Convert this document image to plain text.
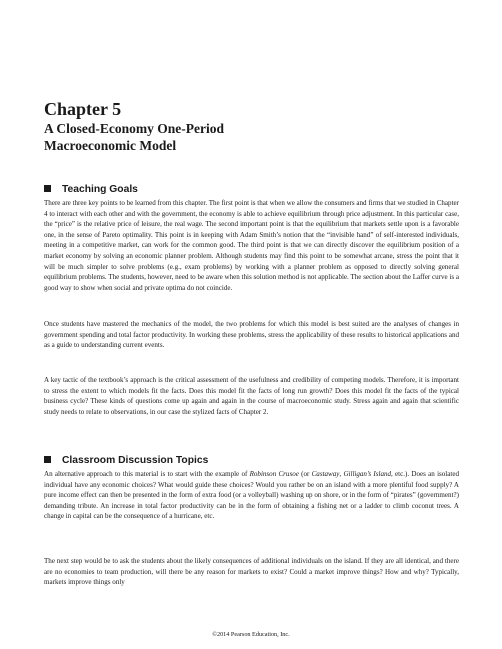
Chapter 5
A Closed-Economy One-Period
Macroeconomic Model
Teaching Goals

There are three key points to be learned from this chapter. The first point is that when we allow the consumers and firms that we studied in Chapter 4 to interact with each other and with the government, the economy is able to achieve equilibrium through price adjustment. In this particular case, the “price” is the relative price of leisure, the real wage. The second important point is that the equilibrium that markets settle upon is a favorable one, in the sense of Pareto optimality. This point is in keeping with Adam Smith’s notion that the “invisible hand” of self-interested individuals, meeting in a competitive market, can work for the common good. The third point is that we can directly discover the equilibrium position of a market economy by solving an economic planner problem. Although students may find this point to be somewhat arcane, stress the point that it will be much simpler to solve problems (e.g., exam problems) by working with a planner problem as opposed to directly solving general equilibrium problems. The students, however, need to be aware when this solution method is not applicable. The section about the Laffer curve is a good way to show when social and private optima do not coincide.

Once students have mastered the mechanics of the model, the two problems for which this model is best suited are the analyses of changes in government spending and total factor productivity. In working these problems, stress the applicability of these results to historical applications and as a guide to understanding current events.

A key tactic of the textbook’s approach is the critical assessment of the usefulness and credibility of competing models. Therefore, it is important to stress the extent to which models fit the facts. Does this model fit the facts of long run growth? Does this model fit the facts of the typical business cycle? These kinds of questions come up again and again in the course of macroeconomic study. Stress again and again that scientific study needs to relate to observations, in our case the stylized facts of Chapter 2.

Classroom Discussion Topics

An alternative approach to this material is to start with the example of Robinson Crusoe (or Castaway, Gilligan’s Island, etc.). Does an isolated individual have any economic choices? What would guide these choices? Would you rather be on an island with a more plentiful food supply? A pure income effect can then be presented in the form of extra food (or a volleyball) washing up on shore, or in the form of “pirates” (government?) demanding tribute. An increase in total factor productivity can be in the form of obtaining a fishing net or a ladder to climb coconut trees. A change in capital can be the consequence of a hurricane, etc.

The next step would be to ask the students about the likely consequences of additional individuals on the island. If they are all identical, and there are no economies to team production, will there be any reason for markets to exist? Could a market improve things? How and why? Typically, markets improve things only

©2014 Pearson Education, Inc.
